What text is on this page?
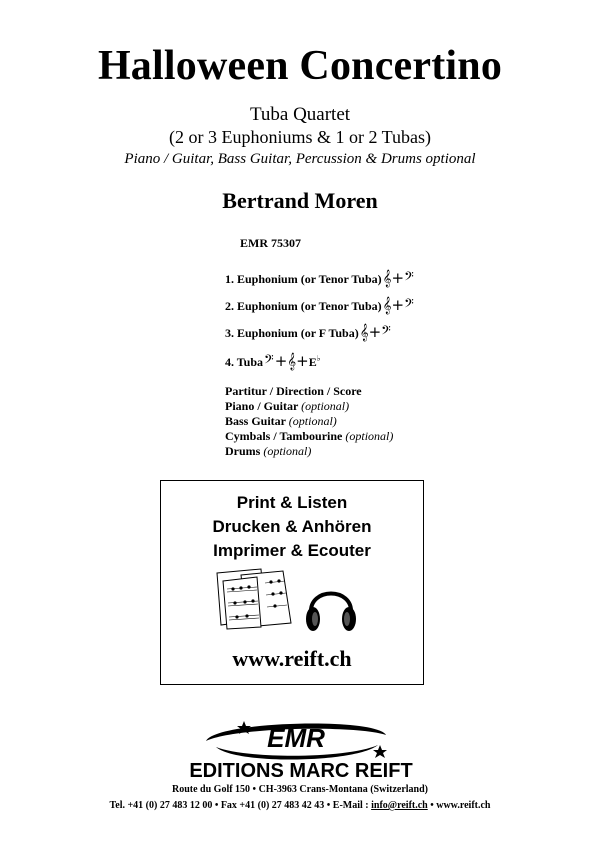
Halloween Concertino
Tuba Quartet
(2 or 3 Euphoniums & 1 or 2 Tubas)
Piano / Guitar, Bass Guitar, Percussion & Drums optional
Bertrand Moren
EMR 75307
1. Euphonium (or Tenor Tuba)𝄞+𝄢
2. Euphonium (or Tenor Tuba)𝄞+𝄢
3. Euphonium (or F Tuba)𝄞+𝄢
4. Tuba𝄢+𝄞+E♭
Partitur / Direction / Score
Piano / Guitar (optional)
Bass Guitar (optional)
Cymbals / Tambourine (optional)
Drums (optional)
Print & Listen
Drucken & Anhören
Imprimer & Ecouter
www.reift.ch
EMR
EDITIONS MARC REIFT
Route du Golf 150 • CH-3963 Crans-Montana (Switzerland)
Tel. +41 (0) 27 483 12 00 • Fax +41 (0) 27 483 42 43 • E-Mail : info@reift.ch • www.reift.ch
